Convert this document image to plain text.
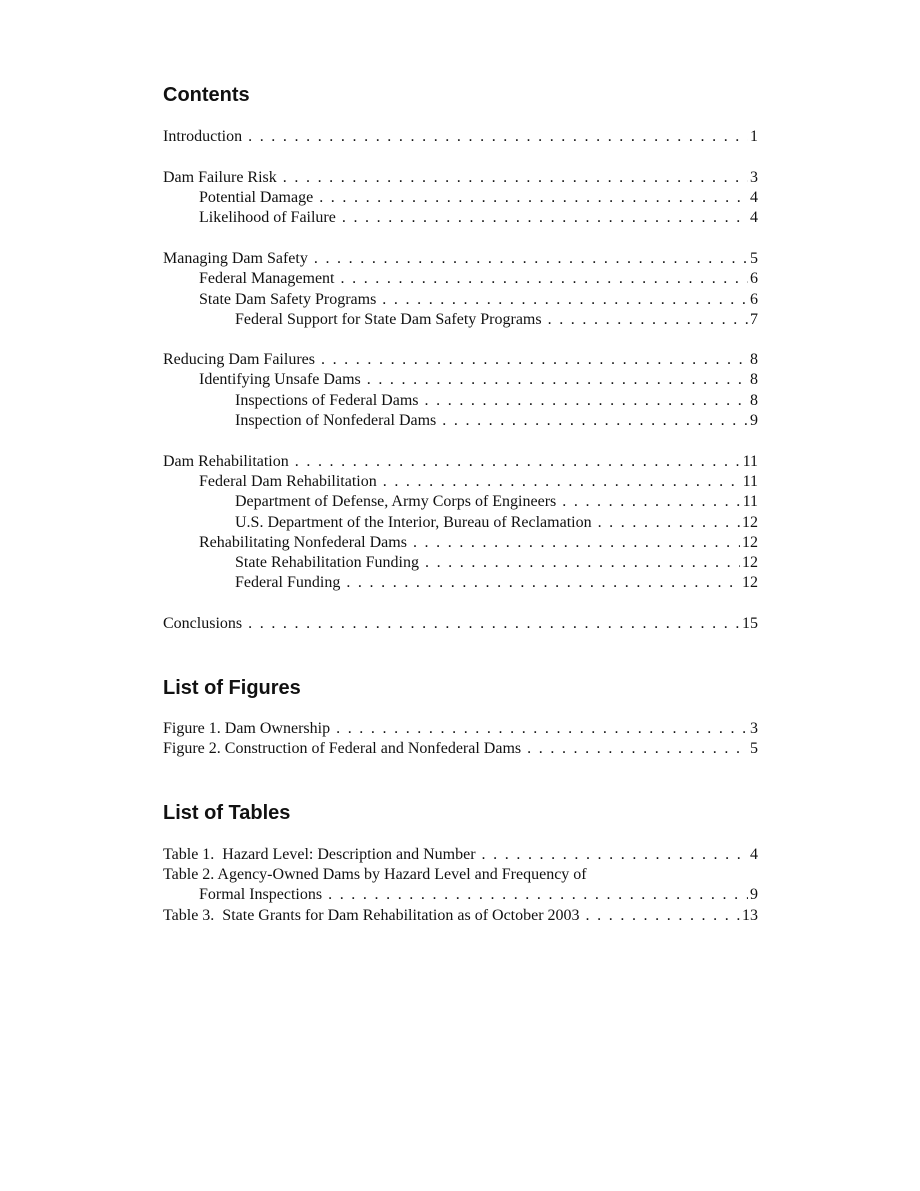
Contents
Introduction . . .	1
Dam Failure Risk . . .	3
Potential Damage . . .	4
Likelihood of Failure . . .	4
Managing Dam Safety . . .	5
Federal Management . . .	6
State Dam Safety Programs . . .	6
Federal Support for State Dam Safety Programs . . .	7
Reducing Dam Failures . . .	8
Identifying Unsafe Dams . . .	8
Inspections of Federal Dams . . .	8
Inspection of Nonfederal Dams . . .	9
Dam Rehabilitation . . .	11
Federal Dam Rehabilitation . . .	11
Department of Defense, Army Corps of Engineers . . .	11
U.S. Department of the Interior, Bureau of Reclamation . . .	12
Rehabilitating Nonfederal Dams . . .	12
State Rehabilitation Funding . . .	12
Federal Funding . . .	12
Conclusions . . .	15
List of Figures
Figure 1. Dam Ownership . . .	3
Figure 2. Construction of Federal and Nonfederal Dams . . .	5
List of Tables
Table 1.  Hazard Level: Description and Number . . .	4
Table 2. Agency-Owned Dams by Hazard Level and Frequency of
Formal Inspections . . .	9
Table 3.  State Grants for Dam Rehabilitation as of October 2003 . . .	13
